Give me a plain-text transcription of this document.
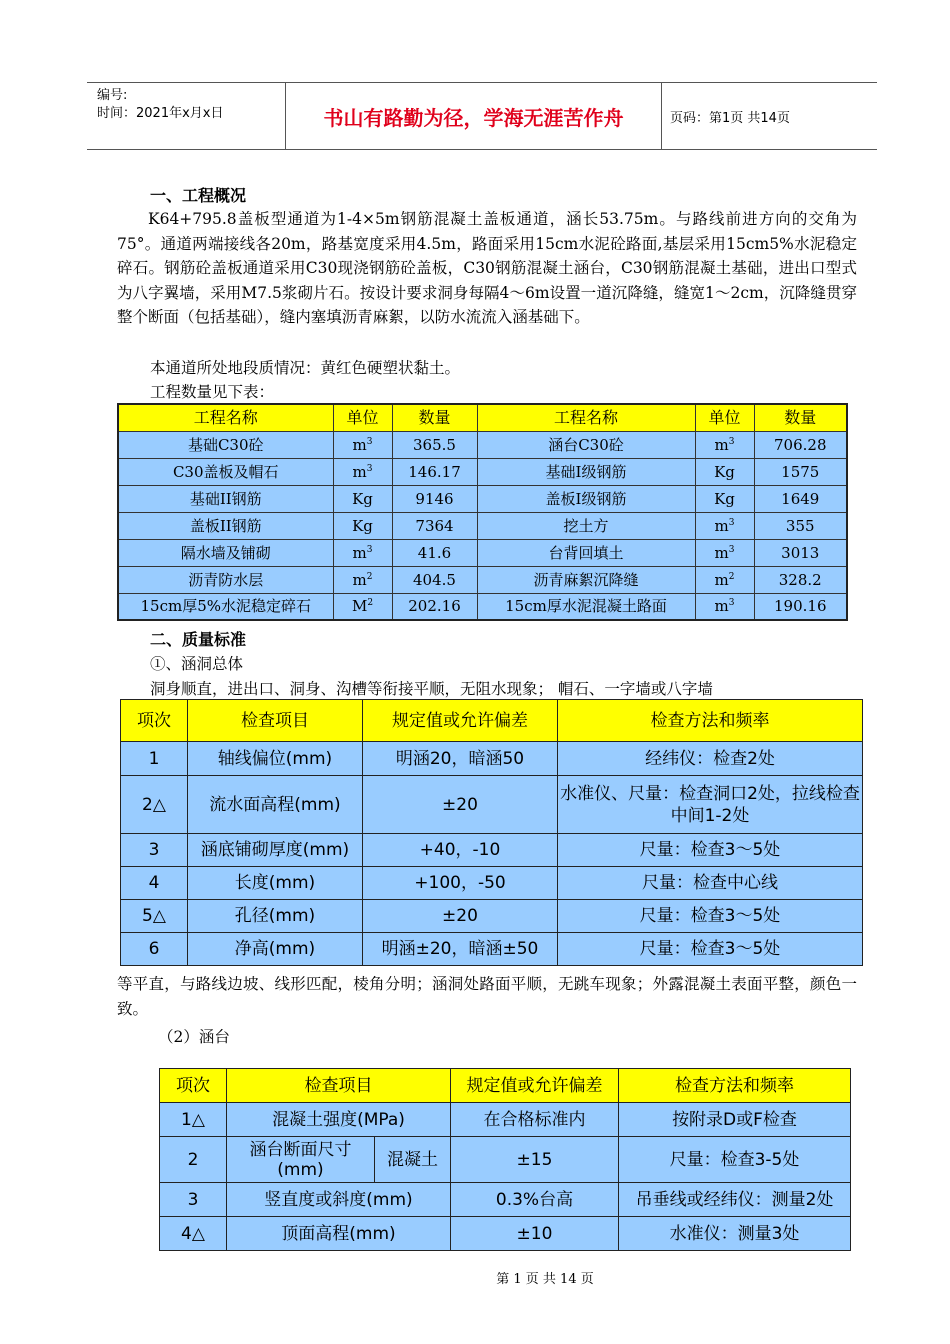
编号:
时间：2021年x月x日	书山有路勤为径，学海无涯苦作舟	页码：第1页 共14页
一、工程概况
K64+795.8盖板型通道为1-4×5m钢筋混凝土盖板通道，涵长53.75m。与路线前进方向的交角为75°。通道两端接线各20m，路基宽度采用4.5m，路面采用15cm水泥砼路面,基层采用15cm5%水泥稳定碎石。钢筋砼盖板通道采用C30现浇钢筋砼盖板，C30钢筋混凝土涵台，C30钢筋混凝土基础，进出口型式为八字翼墙，采用M7.5浆砌片石。按设计要求洞身每隔4～6m设置一道沉降缝，缝宽1～2cm，沉降缝贯穿整个断面（包括基础），缝内塞填沥青麻絮，以防水流流入涵基础下。
本通道所处地段质情况：黄红色硬塑状黏土。
工程数量见下表：
工程名称	单位	数量	工程名称	单位	数量
基础C30砼	$m^3$	365.5	涵台C30砼	$m^3$	706.28
C30盖板及帽石	$m^3$	146.17	基础I级钢筋	Kg	1575
基础II钢筋	Kg	9146	盖板I级钢筋	Kg	1649
盖板II钢筋	Kg	7364	挖土方	$m^3$	355
隔水墙及铺砌	$m^3$	41.6	台背回填土	$m^3$	3013
沥青防水层	$m^2$	404.5	沥青麻絮沉降缝	$m^2$	328.2
15cm厚5%水泥稳定碎石	$M^2$	202.16	15cm厚水泥混凝土路面	$m^3$	190.16
二、质量标准
①、涵洞总体
洞身顺直，进出口、洞身、沟槽等衔接平顺，无阻水现象； 帽石、一字墙或八字墙
项次	检查项目	规定值或允许偏差	检查方法和频率
1	轴线偏位(mm)	明涵20，暗涵50	经纬仪：检查2处
2△	流水面高程(mm)	±20	水准仪、尺量：检查洞口2处，拉线检查中间1-2处
3	涵底铺砌厚度(mm)	+40，-10	尺量：检查3～5处
4	长度(mm)	+100，-50	尺量：检查中心线
5△	孔径(mm)	±20	尺量：检查3～5处
6	净高(mm)	明涵±20，暗涵±50	尺量：检查3～5处
等平直，与路线边坡、线形匹配，棱角分明；涵洞处路面平顺，无跳车现象；外露混凝土表面平整，颜色一致。
（2）涵台
项次	检查项目		规定值或允许偏差	检查方法和频率
1△	混凝土强度(MPa)		在合格标准内	按附录D或F检查
2	涵台断面尺寸(mm)	混凝土	±15	尺量：检查3-5处
3	竖直度或斜度(mm)		0.3%台高	吊垂线或经纬仪：测量2处
4△	顶面高程(mm)		±10	水准仪：测量3处
第 1 页 共 14 页
